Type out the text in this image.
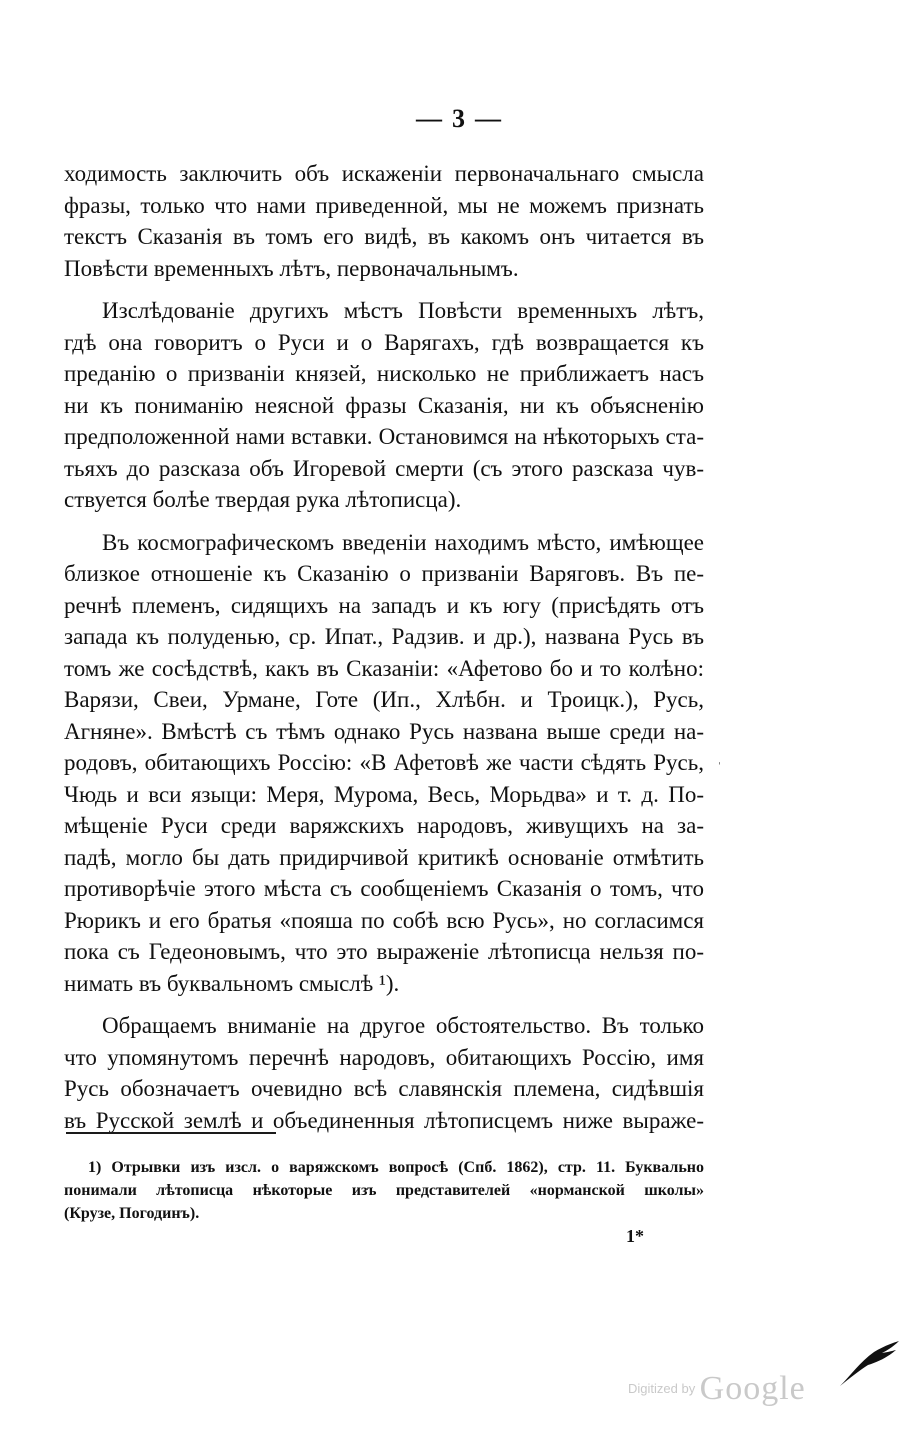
— 3 —
ходимость заключить объ искаженіи первоначальнаго смысла
фразы, только что нами приведенной, мы не можемъ признать
текстъ Сказанія въ томъ его видѣ, въ какомъ онъ читается въ
Повѣсти временныхъ лѣтъ, первоначальнымъ.
Изслѣдованіе другихъ мѣстъ Повѣсти временныхъ лѣтъ,
гдѣ она говоритъ о Руси и о Варягахъ, гдѣ возвращается къ
преданію о призваніи князей, нисколько не приближаетъ насъ
ни къ пониманію неясной фразы Сказанія, ни къ объясненію
предположенной нами вставки. Остановимся на нѣкоторыхъ ста-
тьяхъ до разсказа объ Игоревой смерти (съ этого разсказа чув-
ствуется болѣе твердая рука лѣтописца).
Въ космографическомъ введеніи находимъ мѣсто, имѣющее
близкое отношеніе къ Сказанію о призваніи Варяговъ. Въ пе-
речнѣ племенъ, сидящихъ на западъ и къ югу (присѣдять отъ
запада къ полуденью, ср. Ипат., Радзив. и др.), названа Русь въ
томъ же сосѣдствѣ, какъ въ Сказаніи: «Афетово бо и то колѣно:
Варязи, Свеи, Урмане, Готе (Ип., Хлѣбн. и Троицк.), Русь,
Агняне». Вмѣстѣ съ тѣмъ однако Русь названа выше среди на-
родовъ, обитающихъ Россію: «В Афетовѣ же части сѣдять Русь,
Чюдь и вси языци: Меря, Мурома, Весь, Морьдва» и т. д. По-
мѣщеніе Руси среди варяжскихъ народовъ, живущихъ на за-
падѣ, могло бы дать придирчивой критикѣ основаніе отмѣтить
противорѣчіе этого мѣста съ сообщеніемъ Сказанія о томъ, что
Рюрикъ и его братья «пояша по собѣ всю Русь», но согласимся
пока съ Гедеоновымъ, что это выраженіе лѣтописца нельзя по-
нимать въ буквальномъ смыслѣ ¹).
Обращаемъ вниманіе на другое обстоятельство. Въ только
что упомянутомъ перечнѣ народовъ, обитающихъ Россію, имя
Русь обозначаетъ очевидно всѣ славянскія племена, сидѣвшія
въ Русской землѣ и объединенныя лѣтописцемъ ниже выраже-
ˈ
1) Отрывки изъ изсл. о варяжскомъ вопросѣ (Спб. 1862), стр. 11. Буквально
понимали лѣтописца нѣкоторые изъ представителей «норманской школы»
(Крузе, Погодинъ).
1*
$^{Digitized by}$ Google
